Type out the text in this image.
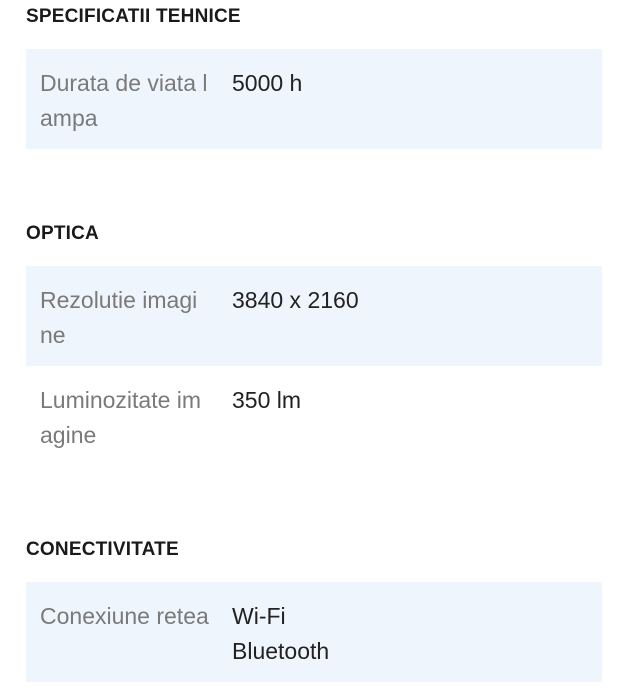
SPECIFICATII TEHNICE
Durata de viata lampa
5000 h
OPTICA
Rezolutie imagine
3840 x 2160
Luminozitate imagine
350 lm
CONECTIVITATE
Conexiune retea Wi-Fi
Bluetooth
